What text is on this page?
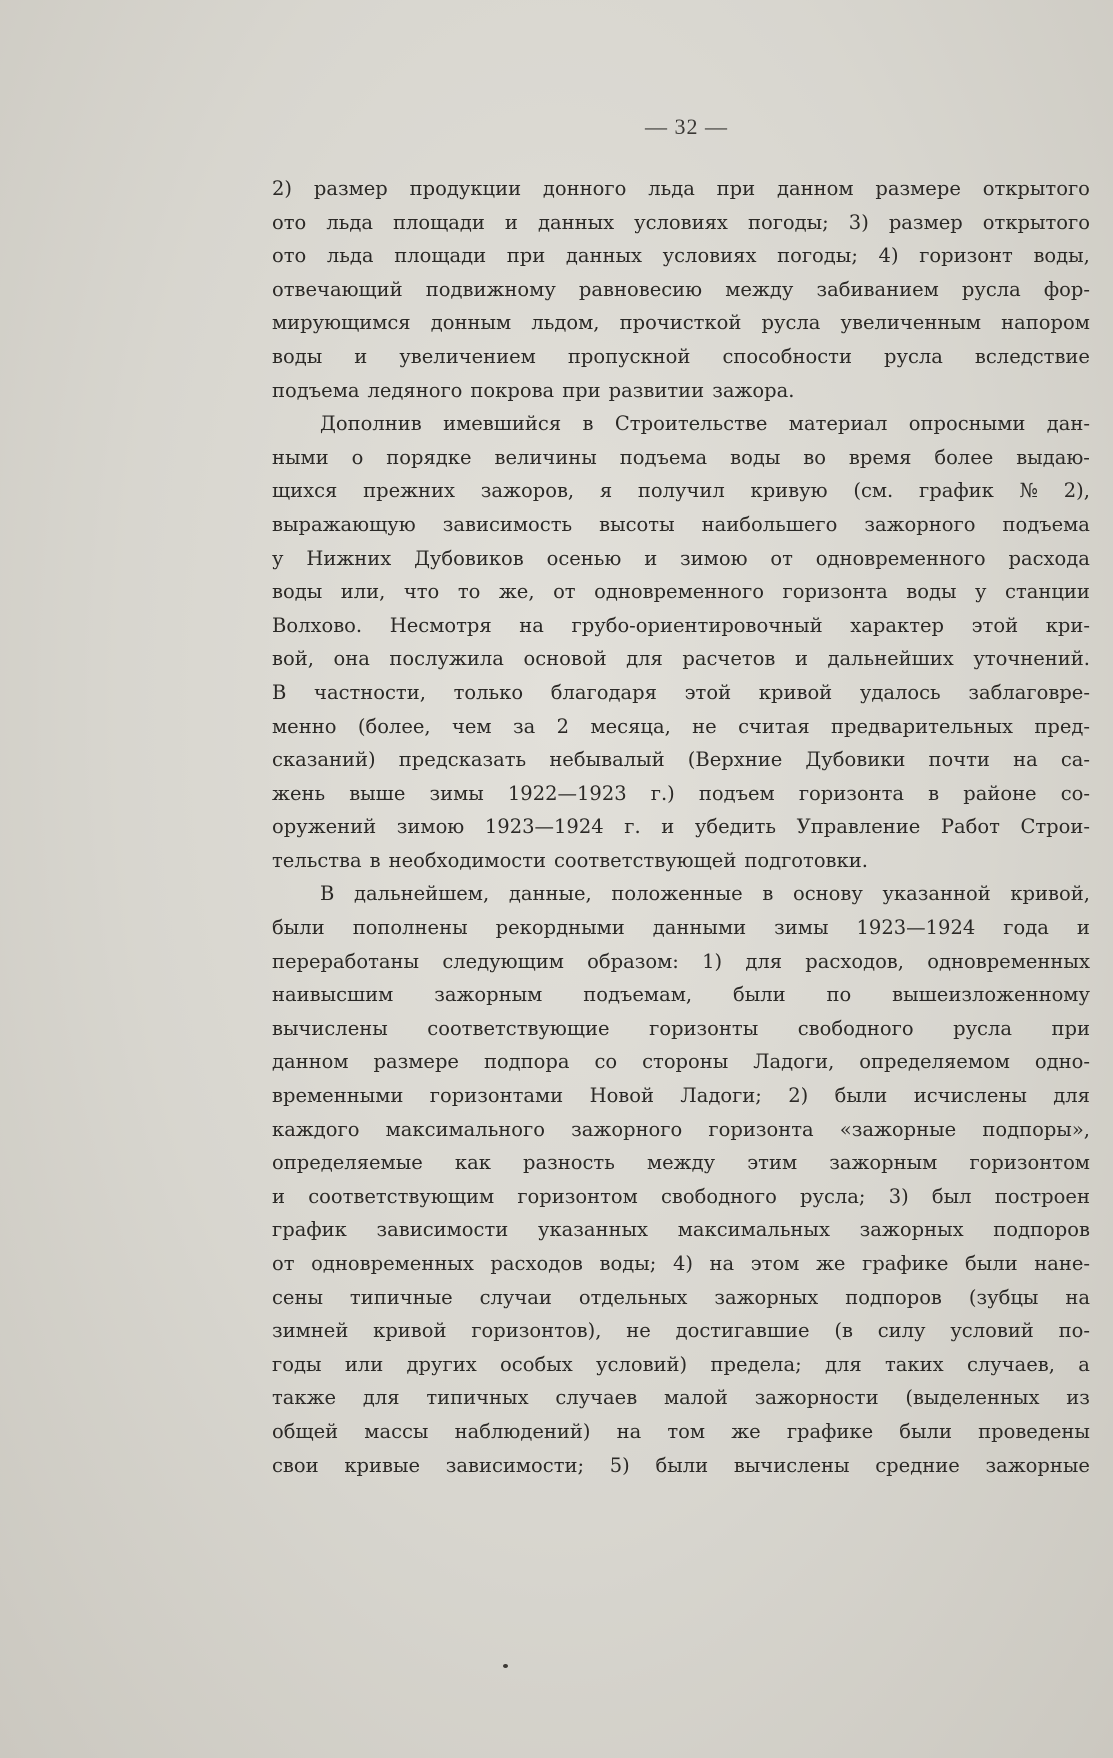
— 32 —
2) размер продукции донного льда при данном размере открытого
ото льда площади и данных условиях погоды; 3) размер открытого
ото льда площади при данных условиях погоды; 4) горизонт воды,
отвечающий подвижному равновесию между забиванием русла фор-
мирующимся донным льдом, прочисткой русла увеличенным напором
воды и увеличением пропускной способности русла вследствие
подъема ледяного покрова при развитии зажора.
Дополнив имевшийся в Строительстве материал опросными дан-
ными о порядке величины подъема воды во время более выдаю-
щихся прежних зажоров, я получил кривую (см. график № 2),
выражающую зависимость высоты наибольшего зажорного подъема
у Нижних Дубовиков осенью и зимою от одновременного расхода
воды или, что то же, от одновременного горизонта воды у станции
Волхово. Несмотря на грубо-ориентировочный характер этой кри-
вой, она послужила основой для расчетов и дальнейших уточнений.
В частности, только благодаря этой кривой удалось заблаговре-
менно (более, чем за 2 месяца, не считая предварительных пред-
сказаний) предсказать небывалый (Верхние Дубовики почти на са-
жень выше зимы 1922—1923 г.) подъем горизонта в районе со-
оружений зимою 1923—1924 г. и убедить Управление Работ Строи-
тельства в необходимости соответствующей подготовки.
В дальнейшем, данные, положенные в основу указанной кривой,
были пополнены рекордными данными зимы 1923—1924 года и
переработаны следующим образом: 1) для расходов, одновременных
наивысшим зажорным подъемам, были по вышеизложенному
вычислены соответствующие горизонты свободного русла при
данном размере подпора со стороны Ладоги, определяемом одно-
временными горизонтами Новой Ладоги; 2) были исчислены для
каждого максимального зажорного горизонта «зажорные подпоры»,
определяемые как разность между этим зажорным горизонтом
и соответствующим горизонтом свободного русла; 3) был построен
график зависимости указанных максимальных зажорных подпоров
от одновременных расходов воды; 4) на этом же графике были нане-
сены типичные случаи отдельных зажорных подпоров (зубцы на
зимней кривой горизонтов), не достигавшие (в силу условий по-
годы или других особых условий) предела; для таких случаев, а
также для типичных случаев малой зажорности (выделенных из
общей массы наблюдений) на том же графике были проведены
свои кривые зависимости; 5) были вычислены средние зажорные
